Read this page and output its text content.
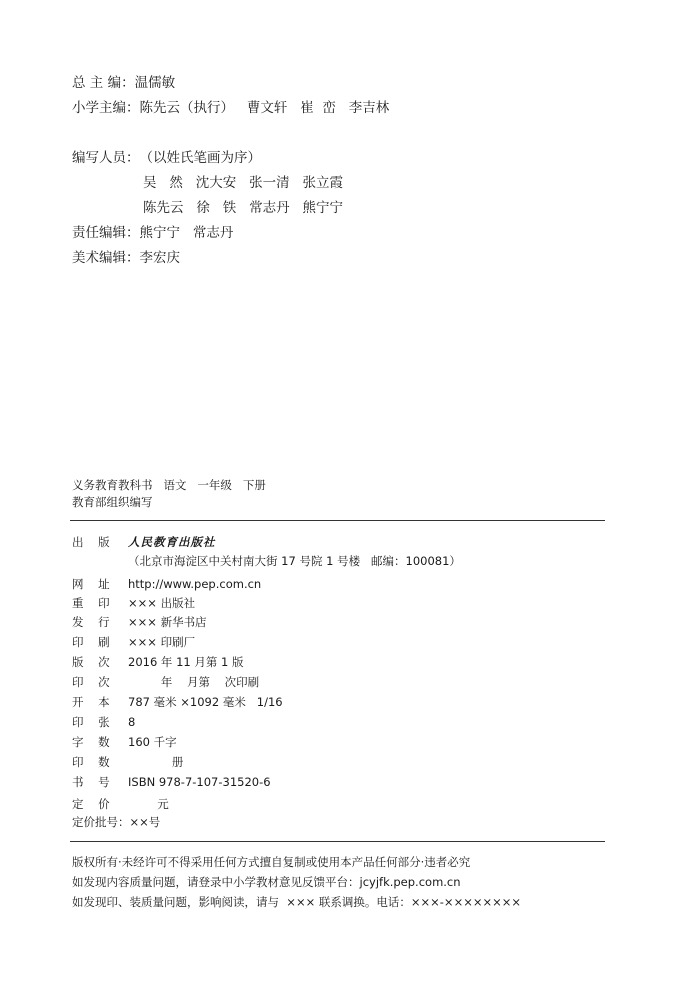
总 主 编：温儒敏
小学主编：陈先云（执行）   曹文轩   崔  峦   李吉林
编写人员：（以姓氏笔画为序）
吴   然   沈大安   张一清   张立霞
陈先云   徐   铁   常志丹   熊宁宁
责任编辑：熊宁宁   常志丹
美术编辑：李宏庆
义务教育教科书   语文   一年级   下册
教育部组织编写
出    版 人民教育出版社
（北京市海淀区中关村南大街 17 号院 1 号楼   邮编：100081）
网    址 http://www.pep.com.cn
重    印 ××× 出版社
发    行 ××× 新华书店
印    刷 ××× 印刷厂
版    次 2016 年 11 月第 1 版
印    次         年    月第    次印刷
开    本 787 毫米 ×1092 毫米   1/16
印    张 8
字    数 160 千字
印    数            册
书    号 ISBN 978-7-107-31520-6
定    价        元
定价批号：××号
版权所有·未经许可不得采用任何方式擅自复制或使用本产品任何部分·违者必究
如发现内容质量问题，请登录中小学教材意见反馈平台：jcyjfk.pep.com.cn
如发现印、装质量问题，影响阅读，请与  ××× 联系调换。电话：×××-××××××××
